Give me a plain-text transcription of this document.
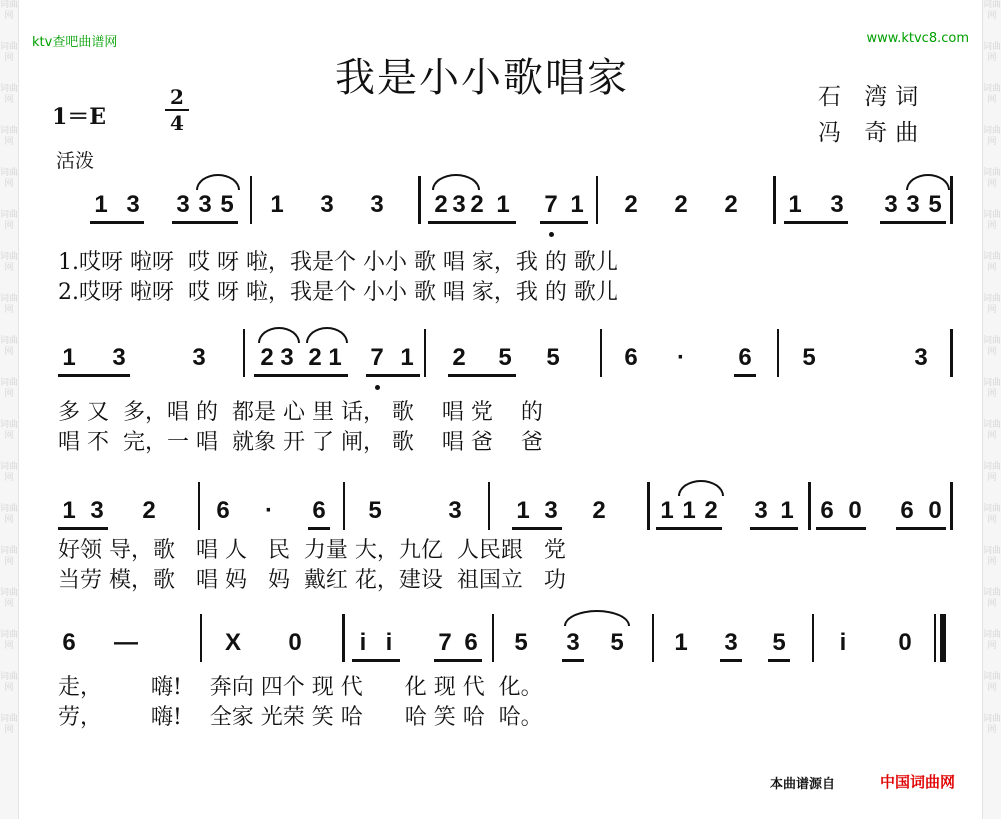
词曲网
词曲网
词曲网
词曲网
词曲网
词曲网
词曲网
词曲网
词曲网
词曲网
词曲网
词曲网
词曲网
词曲网
词曲网
词曲网
词曲网
词曲网
词曲网
词曲网
词曲网
词曲网
词曲网
词曲网
词曲网
词曲网
词曲网
词曲网
词曲网
词曲网
词曲网
词曲网
词曲网
词曲网
词曲网
词曲网
ktv查吧曲谱网	www.ktvc8.com
我是小小歌唱家	石 湾词
冯 奇曲
1＝E
2
4
活泼
1 3 3 3 5 1 3 3 2 3 2 1 7 1 2 2 2 1 3 3 3 5
1.哎呀 啦呀  哎 呀 啦，我是个 小小 歌 唱 家，我 的 歌儿
2.哎呀 啦呀  哎 呀 啦，我是个 小小 歌 唱 家，我 的 歌儿
1 3	3 2 3 2 1 7 1 2 5 5	6 · 6 5	3
多 又  多，唱 的  都是 心 里 话， 歌    唱 党    的
唱 不  完，一 唱  就象 开 了 闸， 歌    唱 爸    爸
1 3 2	6 · 6 5	3 1 3 2 1 1 2 3 1 6 0 6 0
好领 导，歌   唱 人   民  力量 大，九亿  人民跟   党
当劳 模，歌   唱 妈   妈  戴红 花，建设  祖国立   功
6 —	X 0	i i	7 6 5 3 5 1 3 5	i	0
走，       嗨!    奔向 四个 现 代      化 现 代  化。
劳，       嗨!    全家 光荣 笑 哈      哈 笑 哈  哈。
本曲谱源自	中国词曲网
